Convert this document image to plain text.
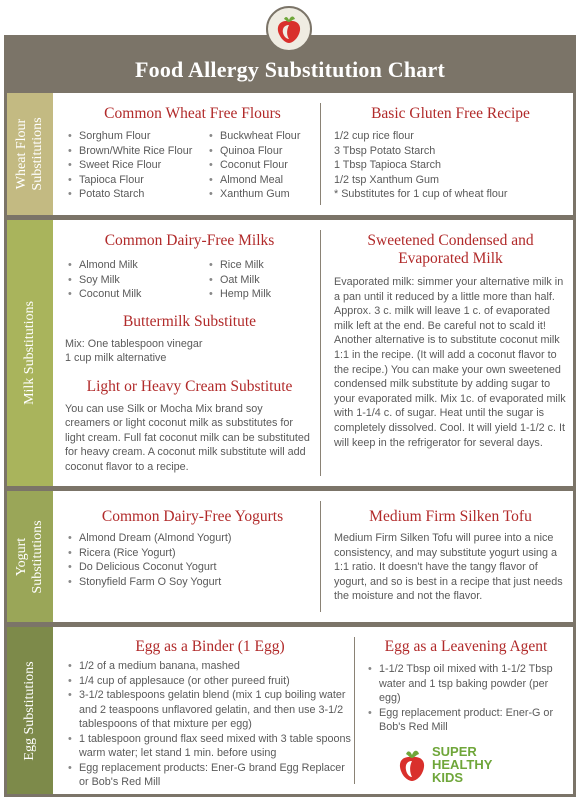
Food Allergy Substitution Chart
Wheat Flour
Substitutions
Common Wheat Free Flours
• Sorghum Flour
• Brown/White Rice Flour
• Sweet Rice Flour
• Tapioca Flour
• Potato Starch
• Buckwheat Flour
• Quinoa Flour
• Coconut Flour
• Almond Meal
• Xanthum Gum
Basic Gluten Free Recipe
1/2 cup rice flour
3 Tbsp Potato Starch
1 Tbsp Tapioca Starch
1/2 tsp Xanthum Gum
* Substitutes for 1 cup of wheat flour
Milk Substitutions
Common Dairy-Free Milks
• Almond Milk
• Soy Milk
• Coconut Milk
• Rice Milk
• Oat Milk
• Hemp Milk
Buttermilk Substitute
Mix: One tablespoon vinegar
1 cup milk alternative
Light or Heavy Cream Substitute
You can use Silk or Mocha Mix brand soy creamers or light coconut milk as substitutes for light cream. Full fat coconut milk can be substituted for heavy cream. A coconut milk substitute will add coconut flavor to a recipe.
Sweetened Condensed and Evaporated Milk
Evaporated milk: simmer your alternative milk in a pan until it reduced by a little more than half. Approx. 3 c. milk will leave 1 c. of evaporated milk left at the end. Be careful not to scald it! Another alternative is to substitute coconut milk 1:1 in the recipe. (It will add a coconut flavor to the recipe.) You can make your own sweetened condensed milk substitute by adding sugar to your evaporated milk. Mix 1c. of evaporated milk with 1-1/4 c. of sugar. Heat until the sugar is completely dissolved. Cool. It will yield 1-1/2 c. It will keep in the refrigerator for several days.
Yogurt
Substitutions
Common Dairy-Free Yogurts
• Almond Dream (Almond Yogurt)
• Ricera (Rice Yogurt)
• Do Delicious Coconut Yogurt
• Stonyfield Farm O Soy Yogurt
Medium Firm Silken Tofu
Medium Firm Silken Tofu will puree into a nice consistency, and may substitute yogurt using a 1:1 ratio. It doesn't have the tangy flavor of yogurt, and so is best in a recipe that just needs the moisture and not the flavor.
Egg Substitutions
Egg as a Binder (1 Egg)
• 1/2 of a medium banana, mashed
• 1/4 cup of applesauce (or other pureed fruit)
• 3-1/2 tablespoons gelatin blend (mix 1 cup boiling water and 2 teaspoons unflavored gelatin, and then use 3-1/2 tablespoons of that mixture per egg)
• 1 tablespoon ground flax seed mixed with 3 table spoons warm water; let stand 1 min. before using
• Egg replacement products: Ener-G brand Egg Replacer or Bob's Red Mill
Egg as a Leavening Agent
• 1-1/2 Tbsp oil mixed with 1-1/2 Tbsp water and 1 tsp baking powder (per egg)
• Egg replacement product: Ener-G or Bob's Red Mill
SUPER
HEALTHY
KIDS
